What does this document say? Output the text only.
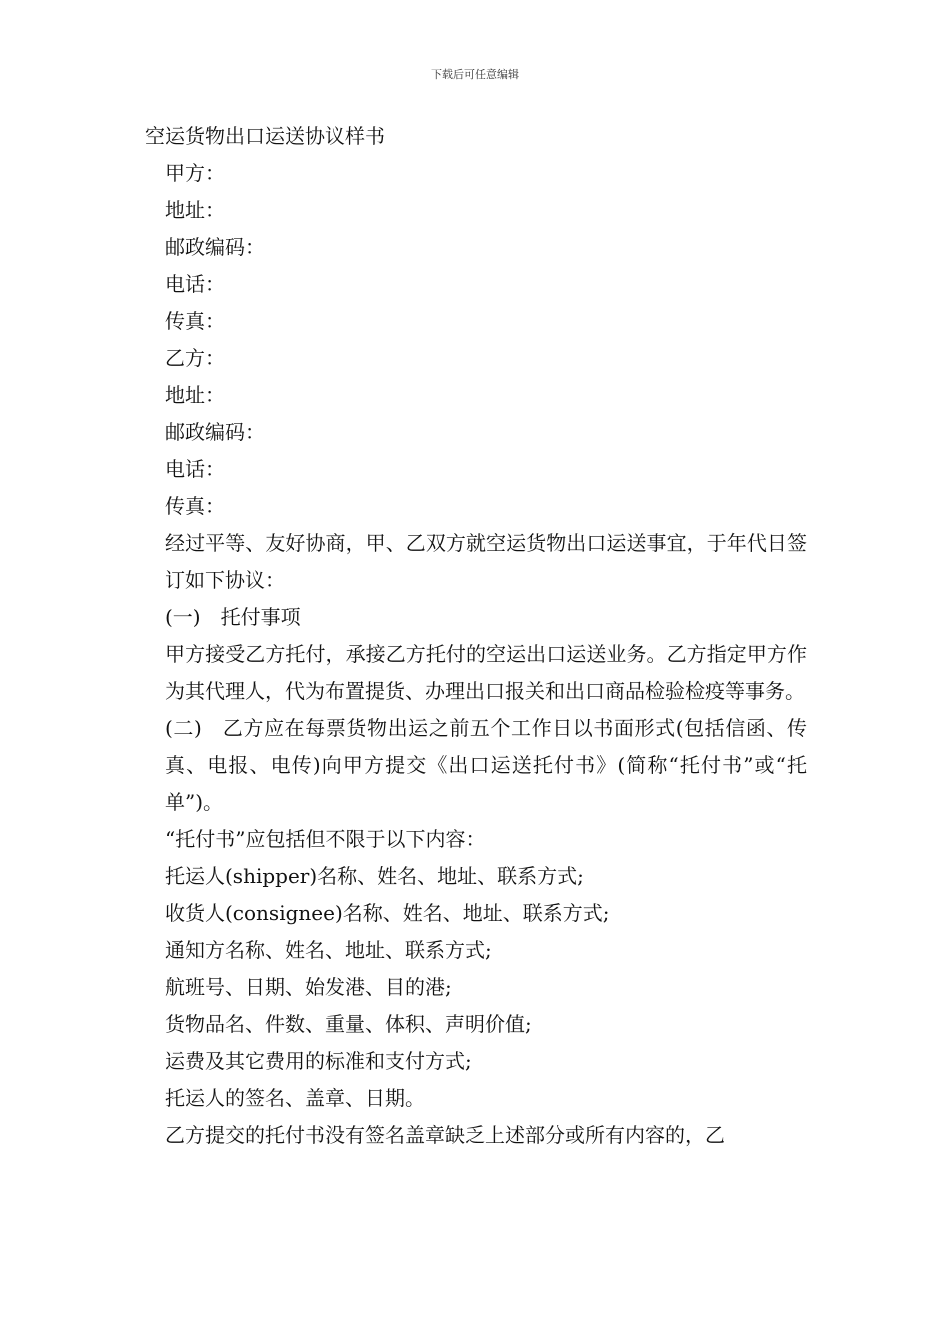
下载后可任意编辑

空运货物出口运送协议样书

甲方：

地址：

邮政编码：

电话：

传真：

乙方：

地址：

邮政编码：

电话：

传真：

经过平等、友好协商，甲、乙双方就空运货物出口运送事宜，于年代日签订如下协议：

(一)　托付事项

甲方接受乙方托付，承接乙方托付的空运出口运送业务。乙方指定甲方作为其代理人，代为布置提货、办理出口报关和出口商品检验检疫等事务。

(二)　乙方应在每票货物出运之前五个工作日以书面形式(包括信函、传真、电报、电传)向甲方提交《出口运送托付书》(简称“托付书”或“托单”)。

“托付书”应包括但不限于以下内容：

托运人(shipper)名称、姓名、地址、联系方式;

收货人(consignee)名称、姓名、地址、联系方式;

通知方名称、姓名、地址、联系方式;

航班号、日期、始发港、目的港;

货物品名、件数、重量、体积、声明价值;

运费及其它费用的标准和支付方式;

托运人的签名、盖章、日期。

乙方提交的托付书没有签名盖章缺乏上述部分或所有内容的，乙
